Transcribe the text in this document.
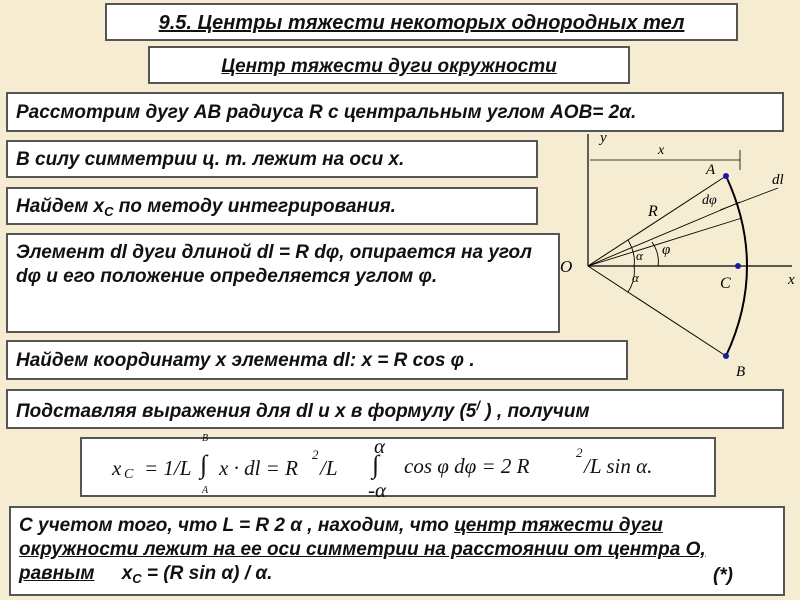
9.5. Центры тяжести некоторых однородных тел
Центр тяжести дуги окружности
Рассмотрим дугу AB радиуса R с центральным углом AOB= 2α.
В силу симметрии ц. т. лежит на оси x.
Найдем $x_C$ по методу интегрирования.
Элемент dl дуги длиной dl = R dφ, опирается на угол dφ и его положение определяется углом φ.
Найдем координату x элемента dl: x = R cos φ .
Подставляя выражения для dl и x в формулу (5/ ) , получим
x C = 1/L
B
∫
A
x · dl = R
2
/L
α
∫
-α
cos φ dφ = 2 R
2
/L sin α.
С учетом того, что L = R 2 α , находим, что центр тяжести дуги окружности лежит на ее оси симметрии на расстоянии от центра O, равным $x_C = (R$ sin α) / α.	(*)
y
x
A
dφ
dl
R
φ
α
α
O
C	x
B
